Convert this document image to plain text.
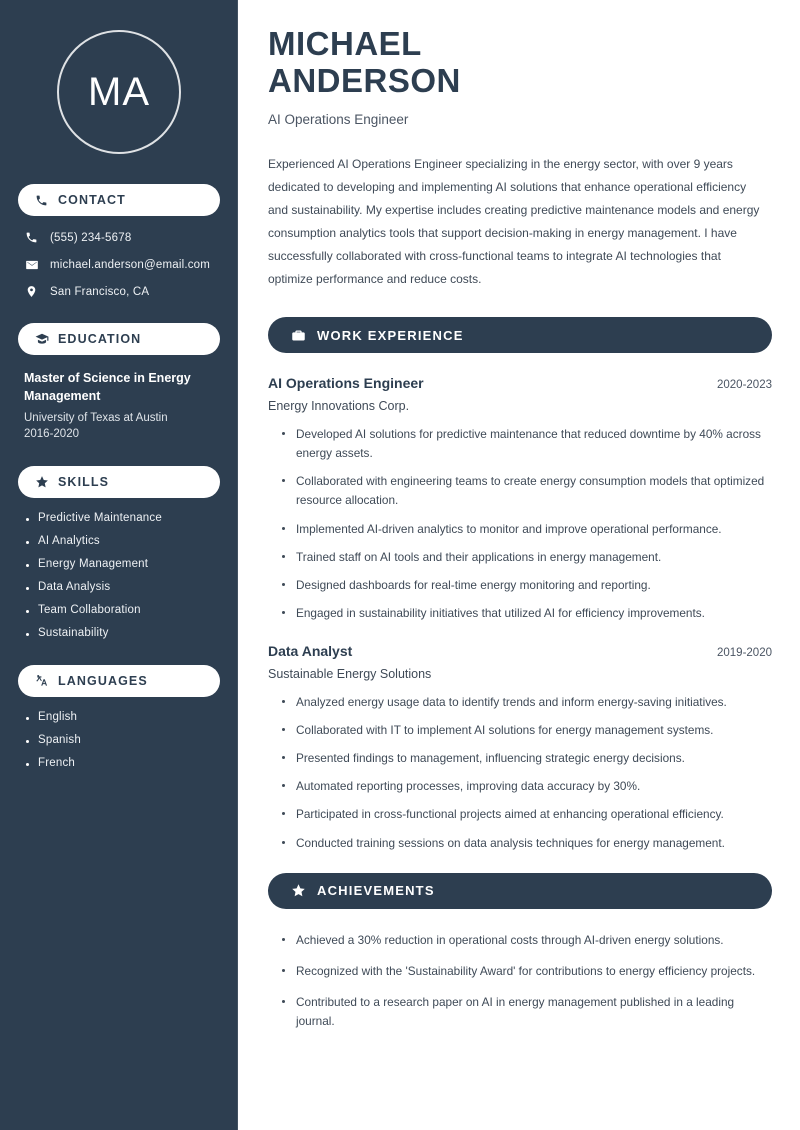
MA
CONTACT
(555) 234-5678
michael.anderson@email.com
San Francisco, CA
EDUCATION
Master of Science in Energy Management
University of Texas at Austin
2016-2020
SKILLS
Predictive Maintenance
AI Analytics
Energy Management
Data Analysis
Team Collaboration
Sustainability
LANGUAGES
English
Spanish
French
MICHAEL
ANDERSON
AI Operations Engineer

Experienced AI Operations Engineer specializing in the energy sector, with over 9 years dedicated to developing and implementing AI solutions that enhance operational efficiency and sustainability. My expertise includes creating predictive maintenance models and energy consumption analytics tools that support decision-making in energy management. I have successfully collaborated with cross-functional teams to integrate AI technologies that optimize performance and reduce costs.

WORK EXPERIENCE
AI Operations Engineer	2020-2023
Energy Innovations Corp.
Developed AI solutions for predictive maintenance that reduced downtime by 40% across energy assets.
Collaborated with engineering teams to create energy consumption models that optimized resource allocation.
Implemented AI-driven analytics to monitor and improve operational performance.
Trained staff on AI tools and their applications in energy management.
Designed dashboards for real-time energy monitoring and reporting.
Engaged in sustainability initiatives that utilized AI for efficiency improvements.
Data Analyst	2019-2020
Sustainable Energy Solutions
Analyzed energy usage data to identify trends and inform energy-saving initiatives.
Collaborated with IT to implement AI solutions for energy management systems.
Presented findings to management, influencing strategic energy decisions.
Automated reporting processes, improving data accuracy by 30%.
Participated in cross-functional projects aimed at enhancing operational efficiency.
Conducted training sessions on data analysis techniques for energy management.
ACHIEVEMENTS
Achieved a 30% reduction in operational costs through AI-driven energy solutions.
Recognized with the 'Sustainability Award' for contributions to energy efficiency projects.
Contributed to a research paper on AI in energy management published in a leading journal.
